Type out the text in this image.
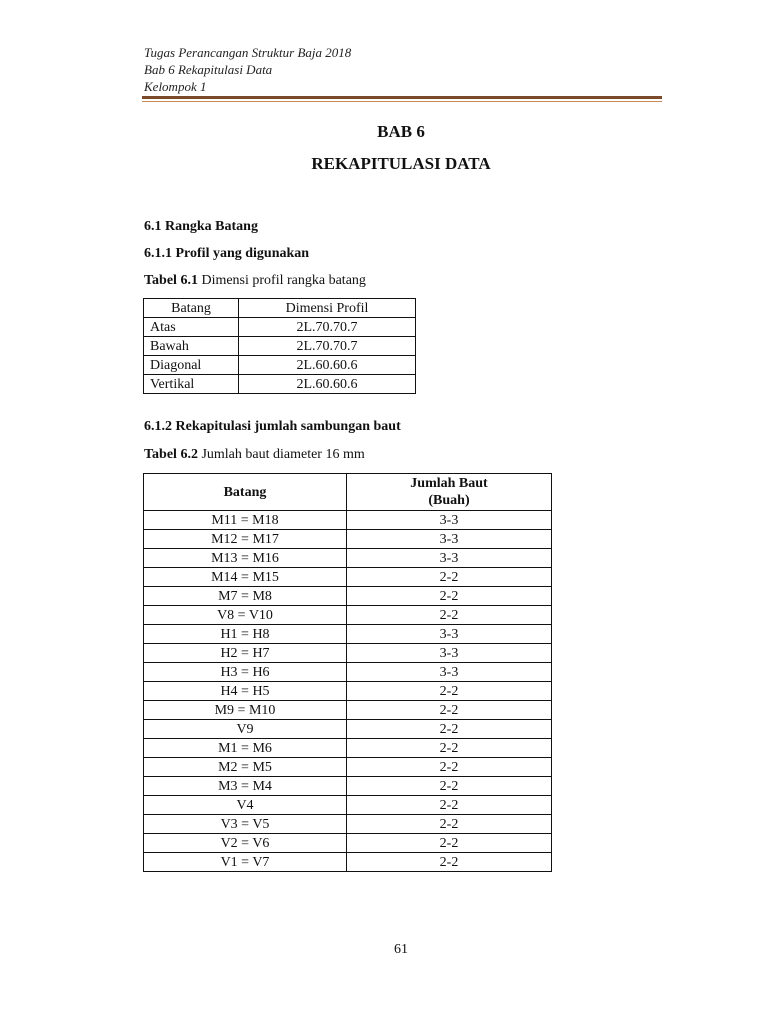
Tugas Perancangan Struktur Baja 2018
Bab 6 Rekapitulasi Data
Kelompok 1
BAB 6
REKAPITULASI DATA
6.1 Rangka Batang
6.1.1 Profil yang digunakan
Tabel 6.1 Dimensi profil rangka batang
Batang	Dimensi Profil
Atas	2L.70.70.7
Bawah	2L.70.70.7
Diagonal	2L.60.60.6
Vertikal	2L.60.60.6
6.1.2 Rekapitulasi jumlah sambungan baut
Tabel 6.2 Jumlah baut diameter 16 mm
Batang	Jumlah Baut
(Buah)

M11 = M18	3-3
M12 = M17	3-3
M13 = M16	3-3
M14 = M15	2-2
M7 = M8	2-2
V8 = V10	2-2
H1 = H8	3-3
H2 = H7	3-3
H3 = H6	3-3
H4 = H5	2-2
M9 = M10	2-2
V9	2-2
M1 = M6	2-2
M2 = M5	2-2
M3 = M4	2-2
V4	2-2
V3 = V5	2-2
V2 = V6	2-2
V1 = V7	2-2
61
